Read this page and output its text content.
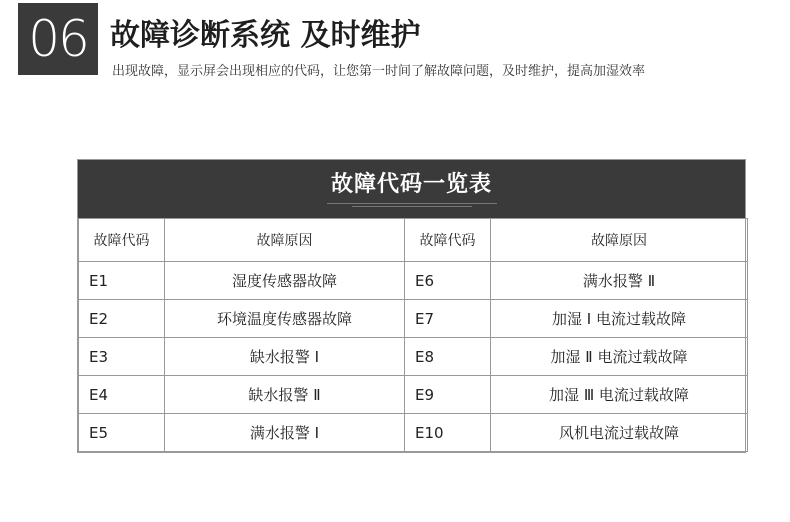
06 故障诊断系统 及时维护
出现故障，显示屏会出现相应的代码，让您第一时间了解故障问题，及时维护，提高加湿效率
故障代码一览表
故障代码	故障原因	故障代码	故障原因
E1	湿度传感器故障	E6	满水报警 Ⅱ
E2	环境温度传感器故障	E7	加湿 Ⅰ 电流过载故障
E3	缺水报警 Ⅰ	E8	加湿 Ⅱ 电流过载故障
E4	缺水报警 Ⅱ	E9	加湿 Ⅲ 电流过载故障
E5	满水报警 Ⅰ	E10	风机电流过载故障
